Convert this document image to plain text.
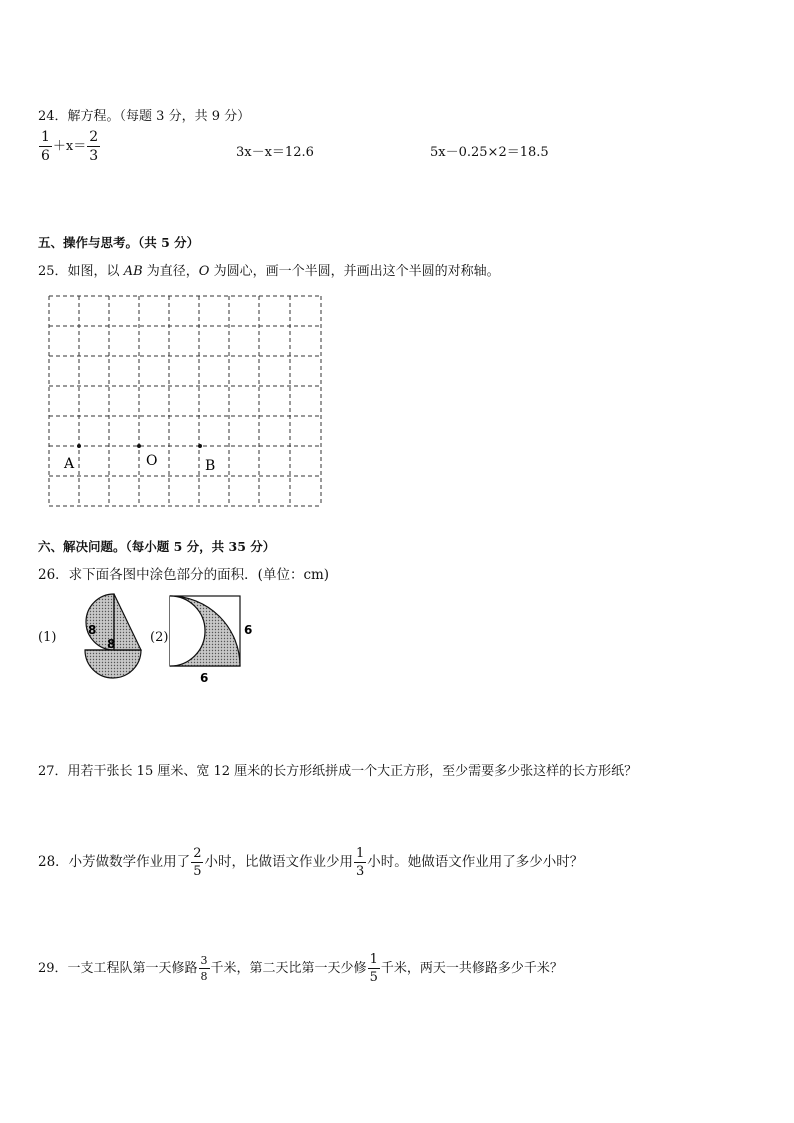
24．解方程。（每题 3 分，共 9 分）
$\frac{1}{6} +x= \frac{2}{3}$	3x－x＝12.6	5x－0.25×2＝18.5
五、操作与思考。（共 5 分）
25．如图，以 AB 为直径，O 为圆心，画一个半圆，并画出这个半圆的对称轴。
A	O	B
六、解决问题。（每小题 5 分，共 35 分）
26．求下面各图中涂色部分的面积．(单位：cm)
(1)	8
8	(2)	6
6
27．用若干张长 15 厘米、宽 12 厘米的长方形纸拼成一个大正方形，至少需要多少张这样的长方形纸？
28．小芳做数学作业用了 $\frac{2}{5}$ 小时，比做语文作业少用 $\frac{1}{3}$ 小时。她做语文作业用了多少小时？
29．一支工程队第一天修路 $\frac{3}{8}$ 千米，第二天比第一天少修 $\frac{1}{5}$ 千米，两天一共修路多少千米？
